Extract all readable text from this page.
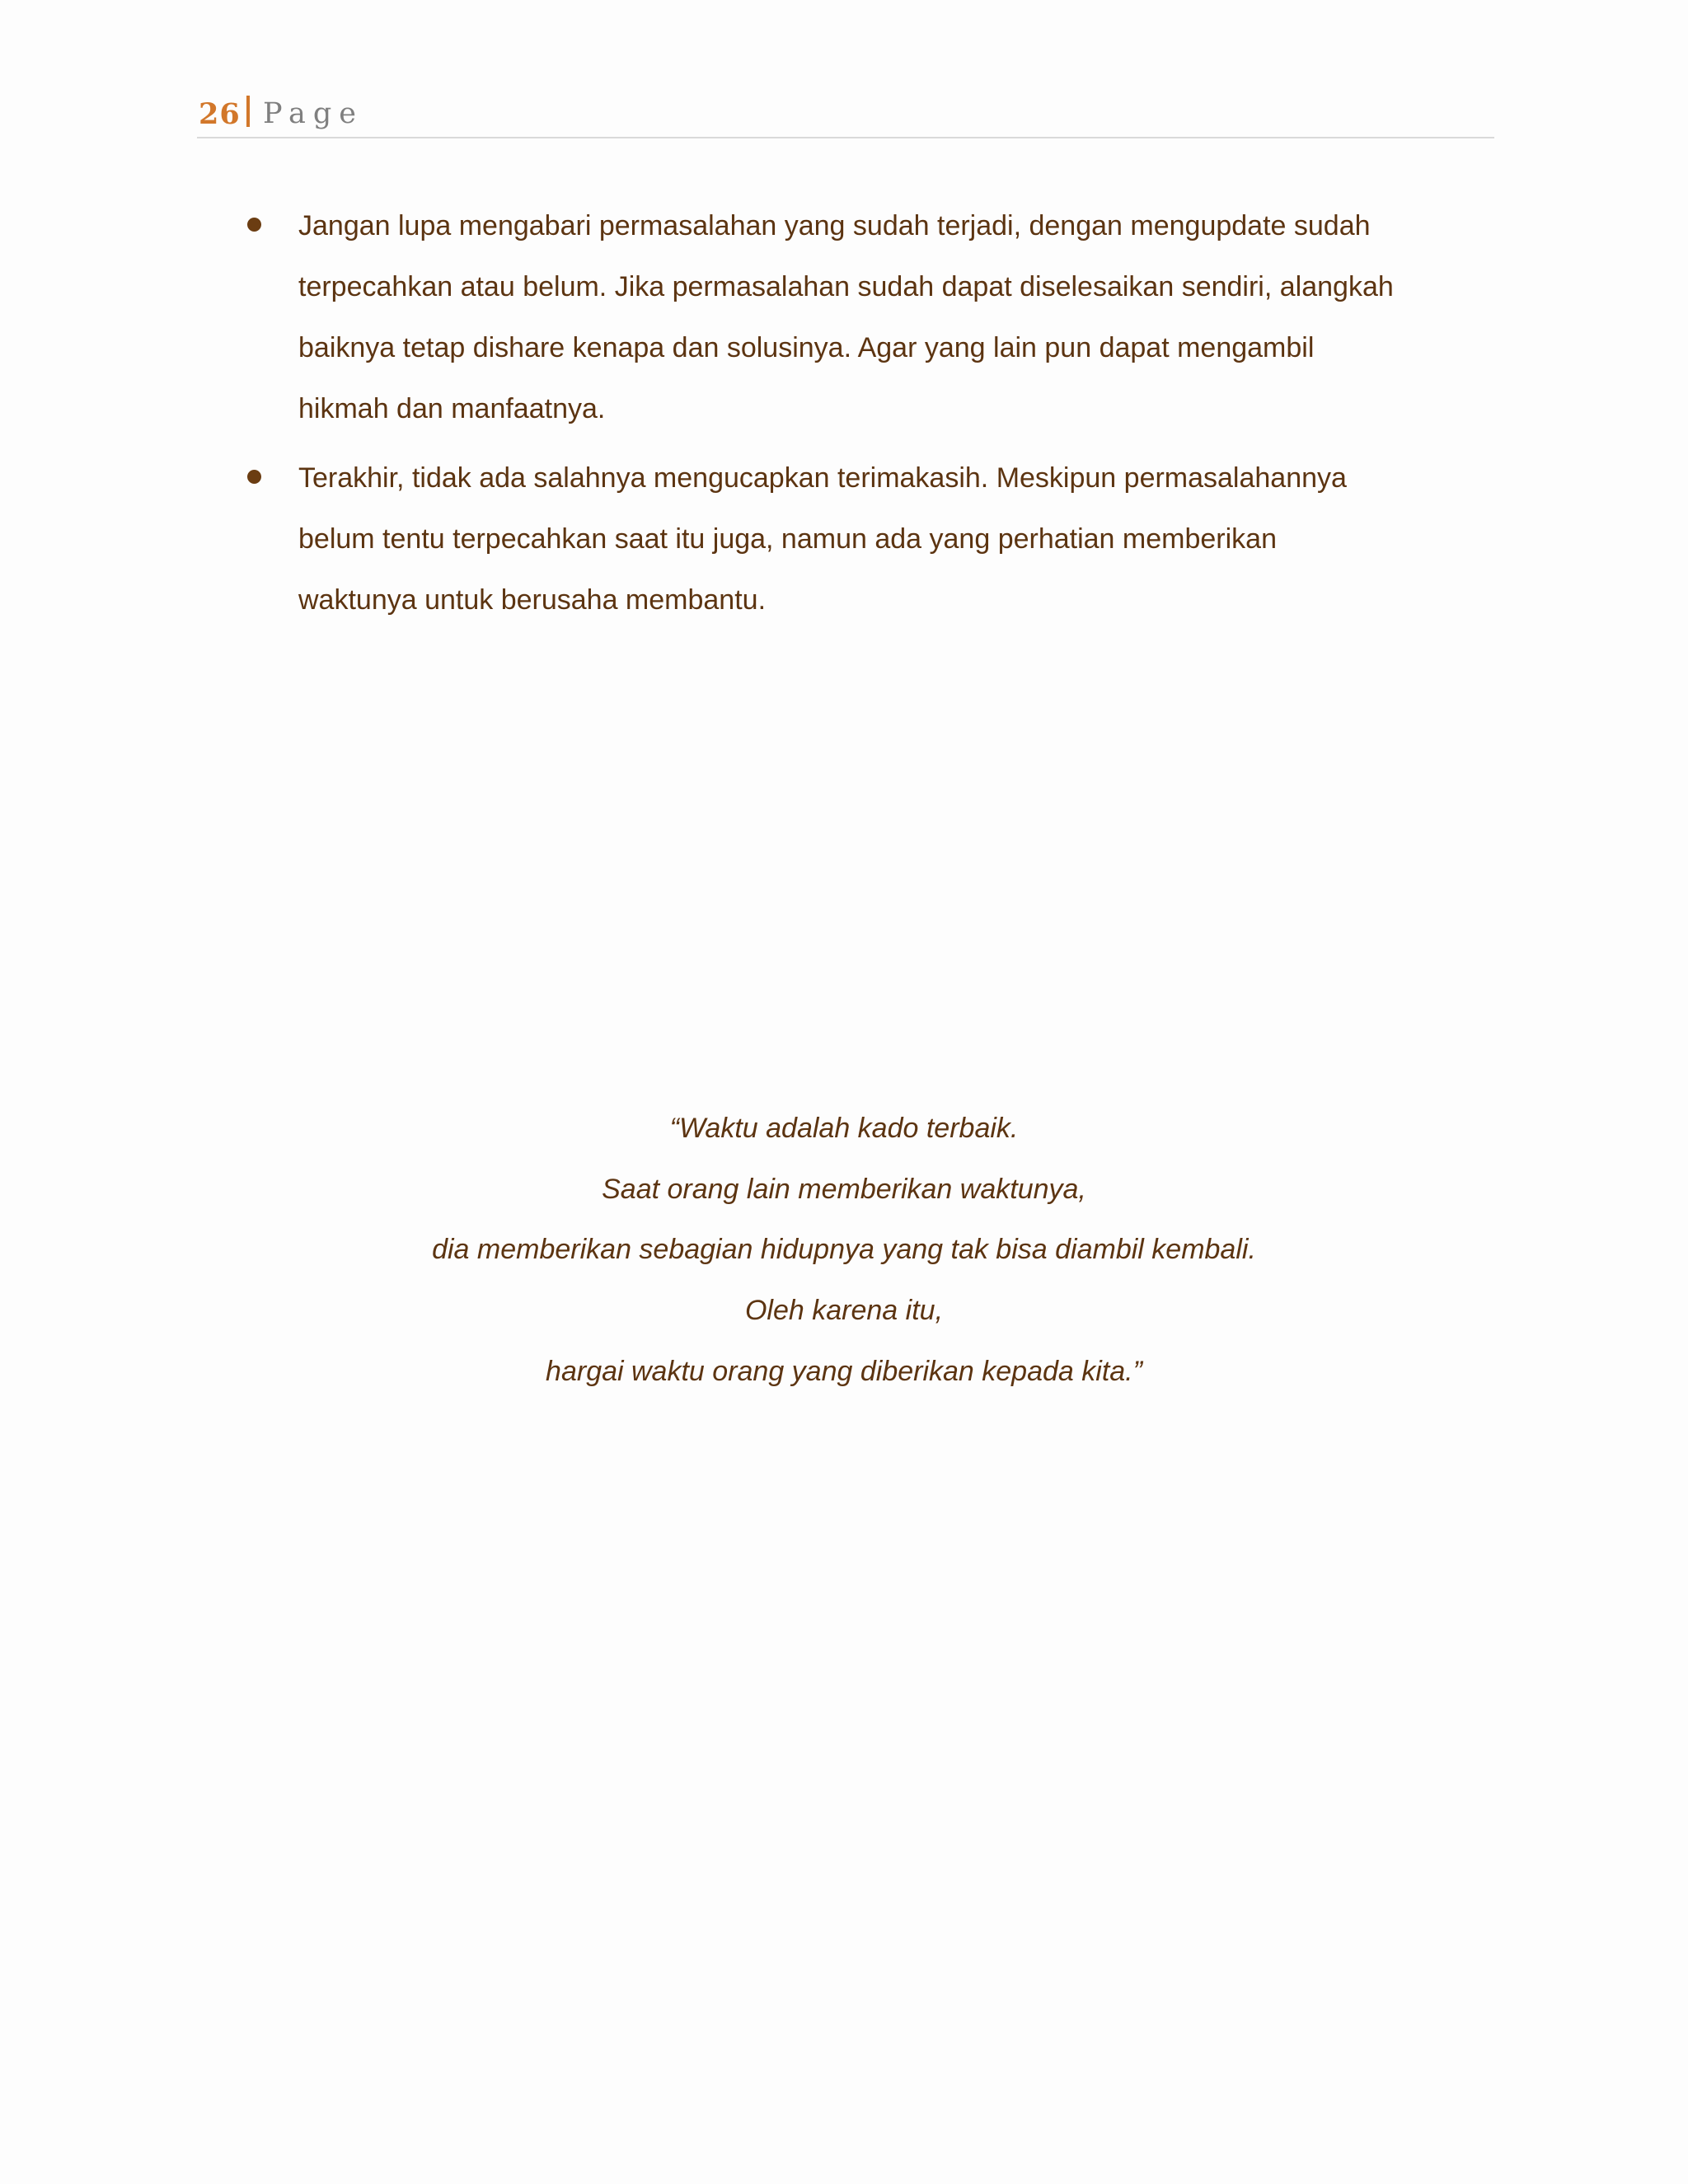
26 Page
Jangan lupa mengabari permasalahan yang sudah terjadi, dengan mengupdate sudah
terpecahkan atau belum. Jika permasalahan sudah dapat diselesaikan sendiri, alangkah
baiknya tetap dishare kenapa dan solusinya. Agar yang lain pun dapat mengambil
hikmah dan manfaatnya.
Terakhir, tidak ada salahnya mengucapkan terimakasih. Meskipun permasalahannya
belum tentu terpecahkan saat itu juga, namun ada yang perhatian memberikan
waktunya untuk berusaha membantu.
“Waktu adalah kado terbaik.
Saat orang lain memberikan waktunya,
dia memberikan sebagian hidupnya yang tak bisa diambil kembali.
Oleh karena itu,
hargai waktu orang yang diberikan kepada kita.”
